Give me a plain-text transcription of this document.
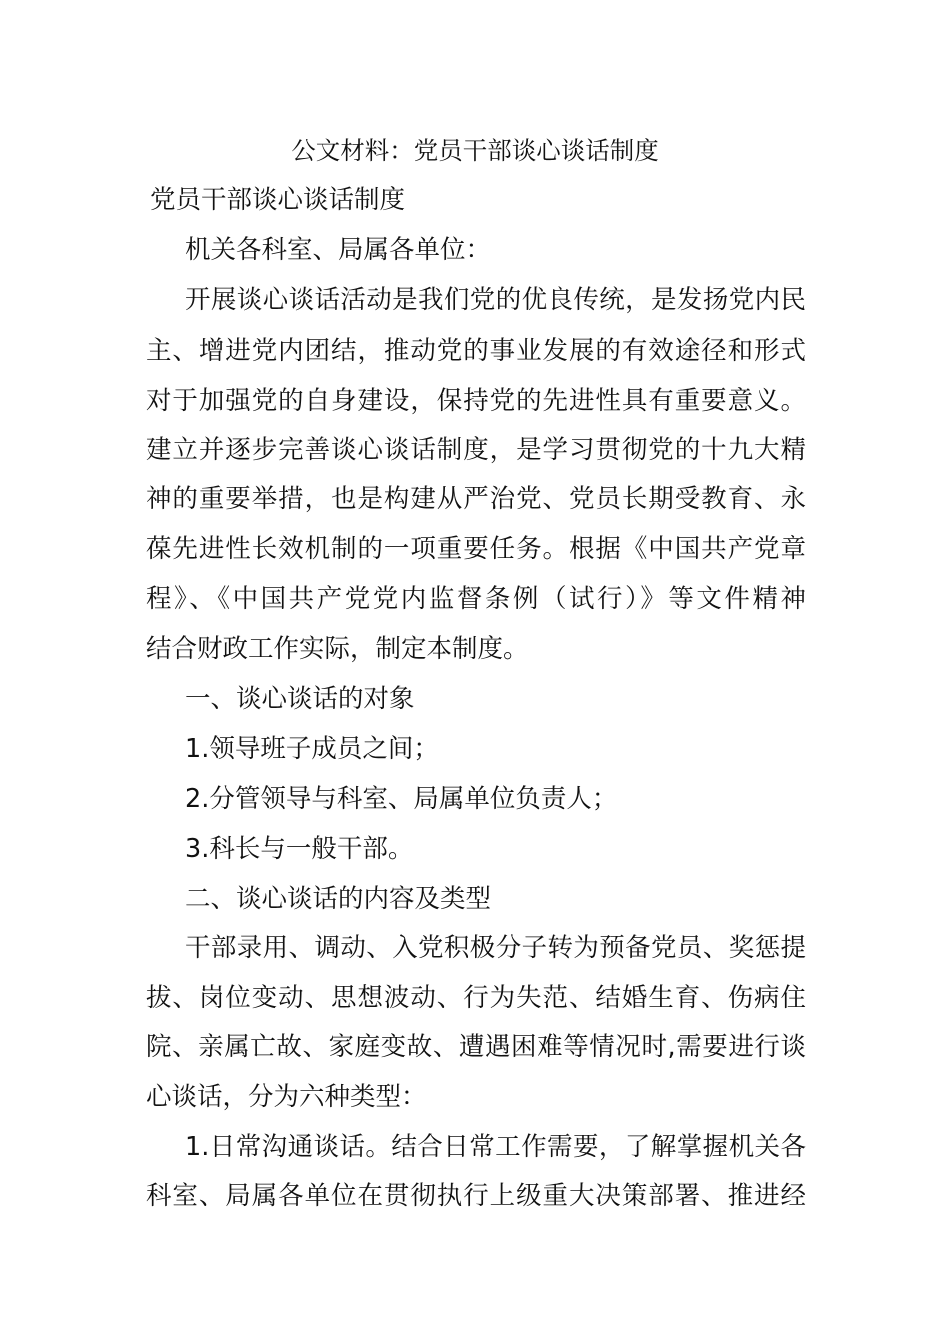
公文材料：党员干部谈心谈话制度
党员干部谈心谈话制度
机关各科室、局属各单位：
开展谈心谈话活动是我们党的优良传统，是发扬党内民
主、增进党内团结，推动党的事业发展的有效途径和形式
对于加强党的自身建设，保持党的先进性具有重要意义。
建立并逐步完善谈心谈话制度，是学习贯彻党的十九大精
神的重要举措，也是构建从严治党、党员长期受教育、永
葆先进性长效机制的一项重要任务。根据《中国共产党章
程》、《中国共产党党内监督条例（试行）》等文件精神
结合财政工作实际，制定本制度。
一、谈心谈话的对象
1.领导班子成员之间；
2.分管领导与科室、局属单位负责人；
3.科长与一般干部。
二、谈心谈话的内容及类型
干部录用、调动、入党积极分子转为预备党员、奖惩提
拔、岗位变动、思想波动、行为失范、结婚生育、伤病住
院、亲属亡故、家庭变故、遭遇困难等情况时,需要进行谈
心谈话，分为六种类型：
1.日常沟通谈话。结合日常工作需要，了解掌握机关各
科室、局属各单位在贯彻执行上级重大决策部署、推进经
